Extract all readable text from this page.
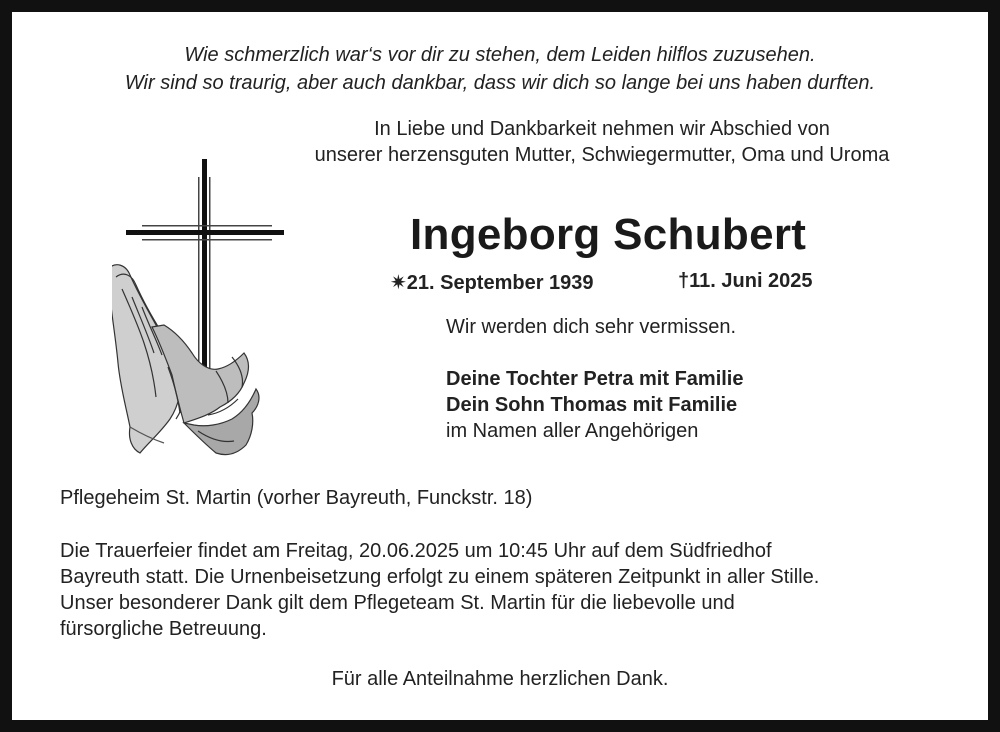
Wie schmerzlich war‘s vor dir zu stehen, dem Leiden hilflos zuzusehen.
Wir sind so traurig, aber auch dankbar, dass wir dich so lange bei uns haben durften.
In Liebe und Dankbarkeit nehmen wir Abschied von
unserer herzensguten Mutter, Schwiegermutter, Oma und Uroma
Ingeborg Schubert
✷21. September 1939	†11. Juni 2025
Wir werden dich sehr vermissen.
Deine Tochter Petra mit Familie
Dein Sohn Thomas mit Familie
im Namen aller Angehörigen
Pflegeheim St. Martin (vorher Bayreuth, Funckstr. 18)
Die Trauerfeier findet am Freitag, 20.06.2025 um 10:45 Uhr auf dem Südfriedhof
Bayreuth statt. Die Urnenbeisetzung erfolgt zu einem späteren Zeitpunkt in aller Stille.
Unser besonderer Dank gilt dem Pflegeteam St. Martin für die liebevolle und
fürsorgliche Betreuung.
Für alle Anteilnahme herzlichen Dank.
